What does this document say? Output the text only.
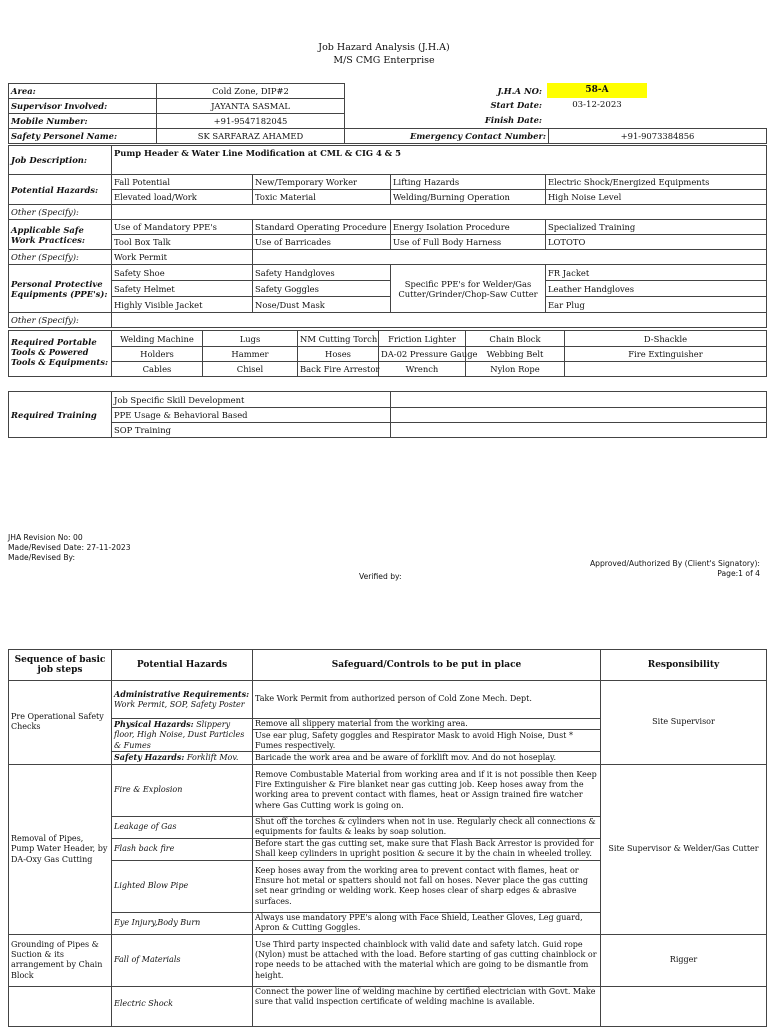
Job Hazard Analysis (J.H.A)
M/S CMG Enterprise
Area:	Cold Zone, DIP#2
Supervisor Involved:	JAYANTA SASMAL
Mobile Number:	+91-9547182045
J.H.A NO:	58-A
Start Date:	03-12-2023
Finish Date:
Safety Personel Name:	SK SARFARAZ AHAMED	Emergency Contact Number:	+91-9073384856
Job Description:	Pump Header & Water Line Modification at CML & CIG 4 & 5			
Potential Hazards:	Fall Potential	New/Temporary Worker	Lifting Hazards	Electric Shock/Energized Equipments
	Elevated load/Work	Toxic Material	Welding/Burning Operation	High Noise Level
Other (Specify):				
Applicable Safe Work Practices:	Use of Mandatory PPE's	Standard Operating Procedure	Energy Isolation Procedure	Specialized Training
	Tool Box Talk	Use of Barricades	Use of Full Body Harness	LOTOTO
Other (Specify):	Work Permit			
Personal Protective Equipments (PPE's):	Safety Shoe	Safety Handgloves	Specific PPE's for Welder/Gas Cutter/Grinder/Chop-Saw Cutter	FR Jacket
	Safety Helmet	Safety Goggles		Leather Handgloves
	Highly Visible Jacket	Nose/Dust Mask		Ear Plug
Other (Specify):				
Required Portable Tools & Powered Tools & Equipments:	Welding Machine	Lugs	NM Cutting Torch	Friction Lighter	Chain Block	D-Shackle
	Holders	Hammer	Hoses	DA-02 Pressure Gauge	Webbing Belt	Fire Extinguisher
	Cables	Chisel	Back Fire Arrestor	Wrench	Nylon Rope	
Required Training	Job Specific Skill Development	
	PPE Usage & Behavioral Based	
	SOP Training	
JHA Revision No: 00
Made/Revised Date: 27-11-2023
Made/Revised By:
Verified by:
Approved/Authorized By (Client's Signatory):
Page:1 of 4
Sequence of basic job steps	Potential Hazards	Safeguard/Controls to be put in place	Responsibility
Pre Operational Safety Checks	Administrative Requirements: Work Permit, SOP, Safety Poster	Take Work Permit from authorized person of Cold Zone Mech. Dept.	Site Supervisor
	Physical Hazards: Slippery floor, High Noise, Dust Particles & Fumes	Remove all slippery material from the working area.	
		Use ear plug, Safety goggles and Respirator Mask to avoid High Noise, Dust * Fumes respectively.	
	Safety Hazards: Forklift Mov.	Baricade the work area and be aware of forklift mov. And do not hoseplay.	
Removal of Pipes, Pump Water Header, by DA-Oxy Gas Cutting	Fire & Explosion	Remove Combustable Material from working area and if it is not possible then Keep Fire Extinguisher & Fire blanket near gas cutting job. Keep hoses away from the working area to prevent contact with flames, heat or Assign trained fire watcher where Gas Cutting work is going on.	Site Supervisor & Welder/Gas Cutter
	Leakage of Gas	Shut off the torches & cylinders when not in use. Regularly check all connections & equipments for faults & leaks by soap solution.	
	Flash back fire	Before start the gas cutting set, make sure that Flash Back Arrestor is provided for Shall keep cylinders in upright position & secure it by the chain in wheeled trolley.	
	Lighted Blow Pipe	Keep hoses away from the working area to prevent contact with flames, heat or Ensure hot metal or spatters should not fall on hoses. Never place the gas cutting set near grinding or welding work. Keep hoses clear of sharp edges & abrasive surfaces.	
	Eye Injury,Body Burn	Always use mandatory PPE's along with Face Shield, Leather Gloves, Leg guard, Apron & Cutting Goggles.	
Grounding of Pipes & Suction & its arrangement by Chain Block	Fall of Materials	Use Third party inspected chainblock with valid date and safety latch. Guid rope (Nylon) must be attached with the load. Before starting of gas cutting chainblock or rope needs to be attached with the material which are going to be dismantle from height.	Rigger
	Electric Shock	Connect the power line of welding machine by certified electrician with Govt. Make sure that valid inspection certificate of welding machine is available.	
